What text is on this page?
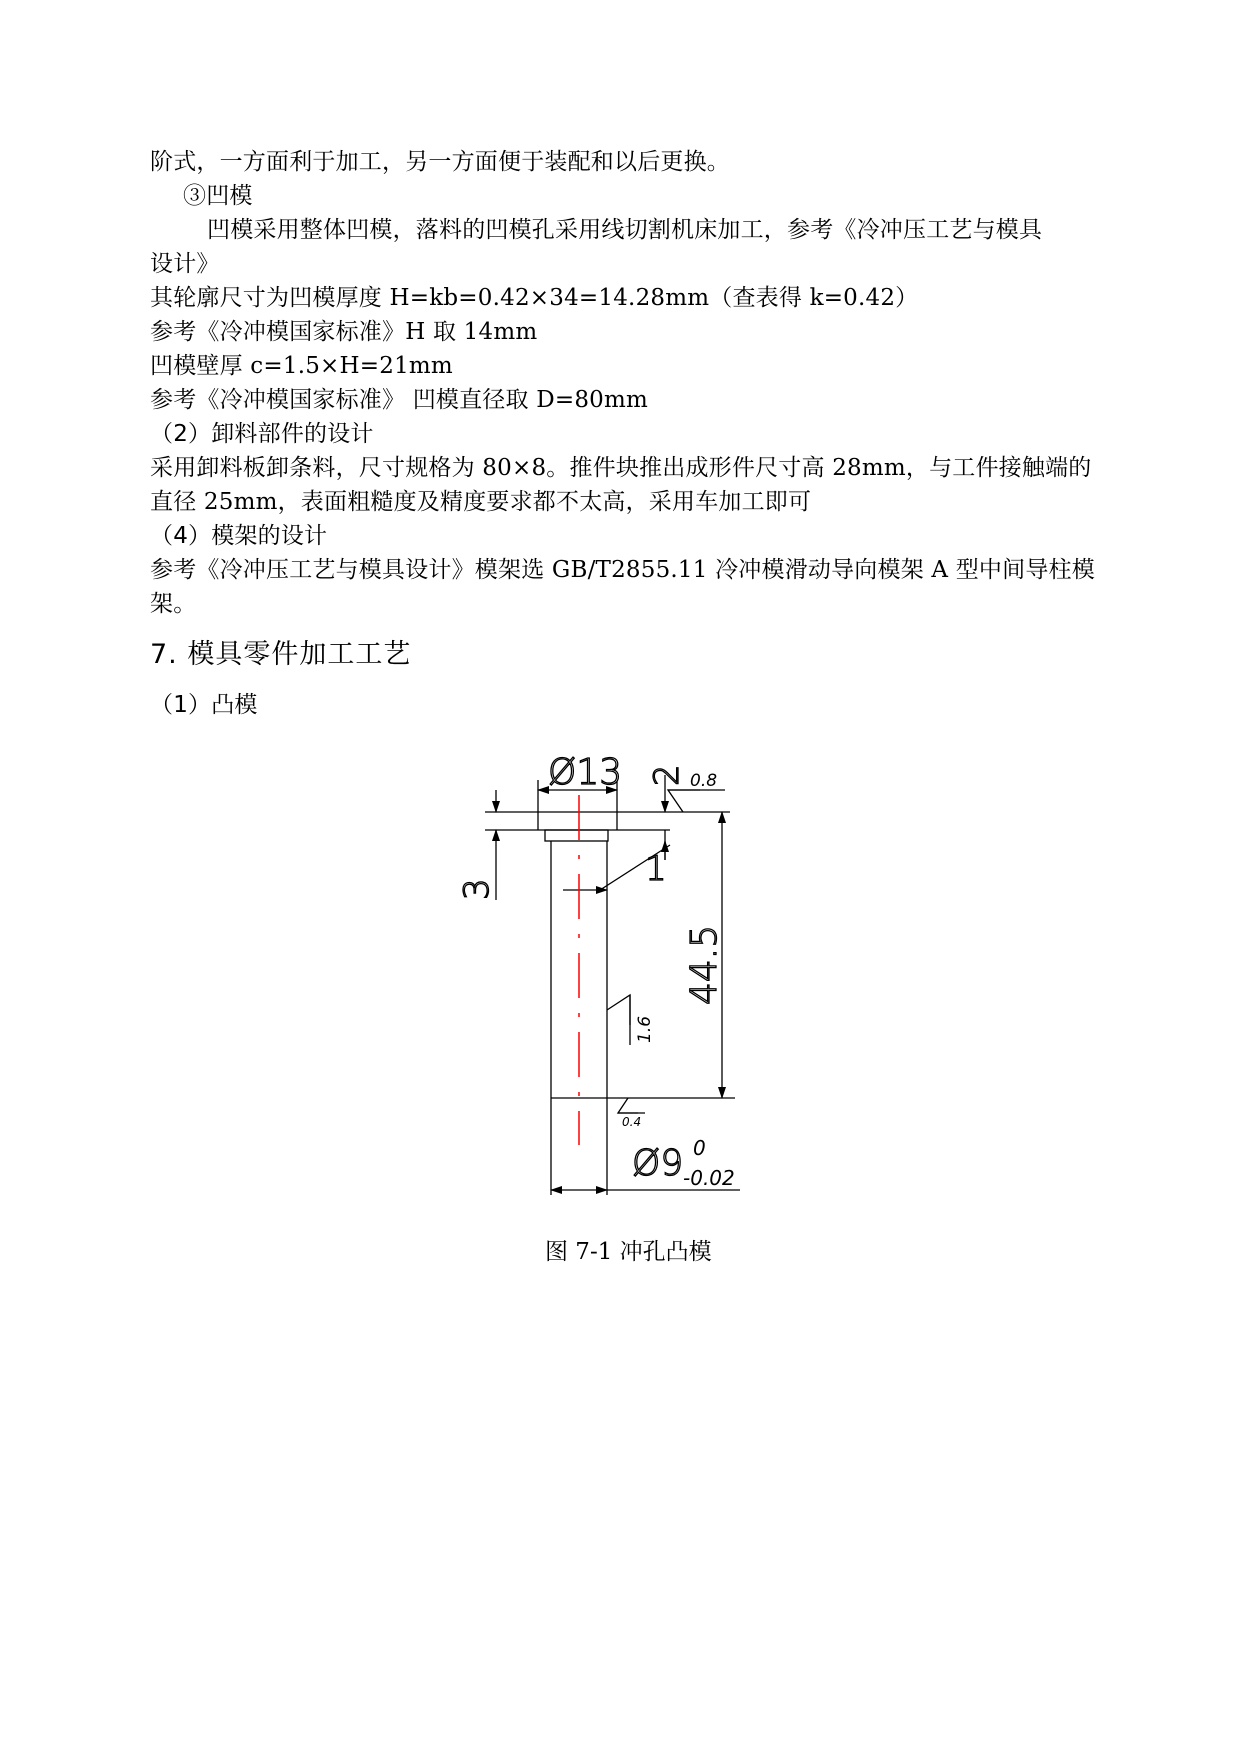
阶式，一方面利于加工，另一方面便于装配和以后更换。
③凹模
凹模采用整体凹模，落料的凹模孔采用线切割机床加工，参考《冷冲压工艺与模具
设计》
其轮廓尺寸为凹模厚度 H=kb=0.42×34=14.28mm（查表得 k=0.42）
参考《冷冲模国家标准》H 取 14mm
凹模壁厚 c=1.5×H=21mm
参考《冷冲模国家标准》 凹模直径取 D=80mm
（2）卸料部件的设计
采用卸料板卸条料，尺寸规格为 80×8。推件块推出成形件尺寸高 28mm，与工件接触端的
直径 25mm，表面粗糙度及精度要求都不太高，采用车加工即可
（4）模架的设计
参考《冷冲压工艺与模具设计》模架选 GB/T2855.11 冷冲模滑动导向模架 A 型中间导柱模
架。
7. 模具零件加工工艺
（1）凸模
Ø13 2
3
1
44.5
0.8
1.6
0.4
Ø9 0
-0.02
图 7-1 冲孔凸模
